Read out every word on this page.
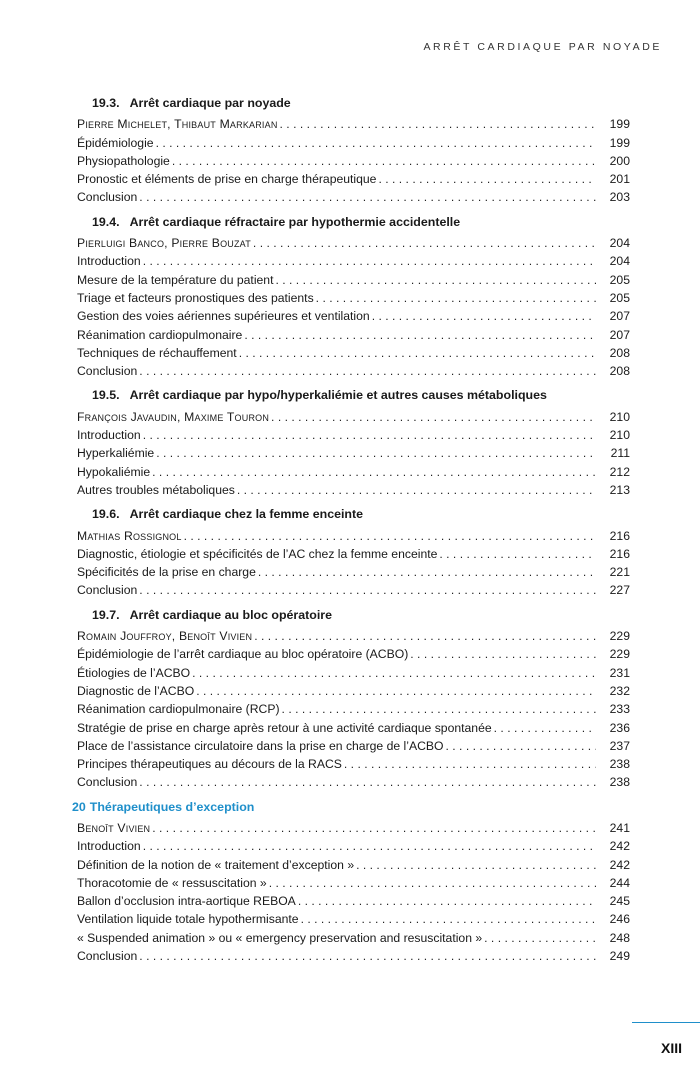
ARRÊT CARDIAQUE PAR NOYADE
19.3. Arrêt cardiaque par noyade
Pierre Michelet, Thibaut Markarian . . .	199
Épidémiologie . . .	199
Physiopathologie . . .	200
Pronostic et éléments de prise en charge thérapeutique . . .	201
Conclusion . . .	203
19.4. Arrêt cardiaque réfractaire par hypothermie accidentelle
Pierluigi Banco, Pierre Bouzat . . .	204
Introduction . . .	204
Mesure de la température du patient . . .	205
Triage et facteurs pronostiques des patients . . .	205
Gestion des voies aériennes supérieures et ventilation . . .	207
Réanimation cardiopulmonaire . . .	207
Techniques de réchauffement . . .	208
Conclusion . . .	208
19.5. Arrêt cardiaque par hypo/hyperkaliémie et autres causes métaboliques
François Javaudin, Maxime Touron . . .	210
Introduction . . .	210
Hyperkaliémie . . .	211
Hypokaliémie . . .	212
Autres troubles métaboliques . . .	213
19.6. Arrêt cardiaque chez la femme enceinte
Mathias Rossignol . . .	216
Diagnostic, étiologie et spécificités de l’AC chez la femme enceinte . . .	216
Spécificités de la prise en charge . . .	221
Conclusion . . .	227
19.7. Arrêt cardiaque au bloc opératoire
Romain Jouffroy, Benoît Vivien . . .	229
Épidémiologie de l’arrêt cardiaque au bloc opératoire (ACBO) . . .	229
Étiologies de l’ACBO . . .	231
Diagnostic de l’ACBO . . .	232
Réanimation cardiopulmonaire (RCP) . . .	233
Stratégie de prise en charge après retour à une activité cardiaque spontanée . . .	236
Place de l’assistance circulatoire dans la prise en charge de l’ACBO . . .	237
Principes thérapeutiques au décours de la RACS . . .	238
Conclusion . . .	238
20 Thérapeutiques d’exception
Benoît Vivien . . .	241
Introduction . . .	242
Définition de la notion de « traitement d’exception » . . .	242
Thoracotomie de « ressuscitation » . . .	244
Ballon d’occlusion intra-aortique REBOA . . .	245
Ventilation liquide totale hypothermisante . . .	246
« Suspended animation » ou « emergency preservation and resuscitation » . . .	248
Conclusion . . .	249
XIII
